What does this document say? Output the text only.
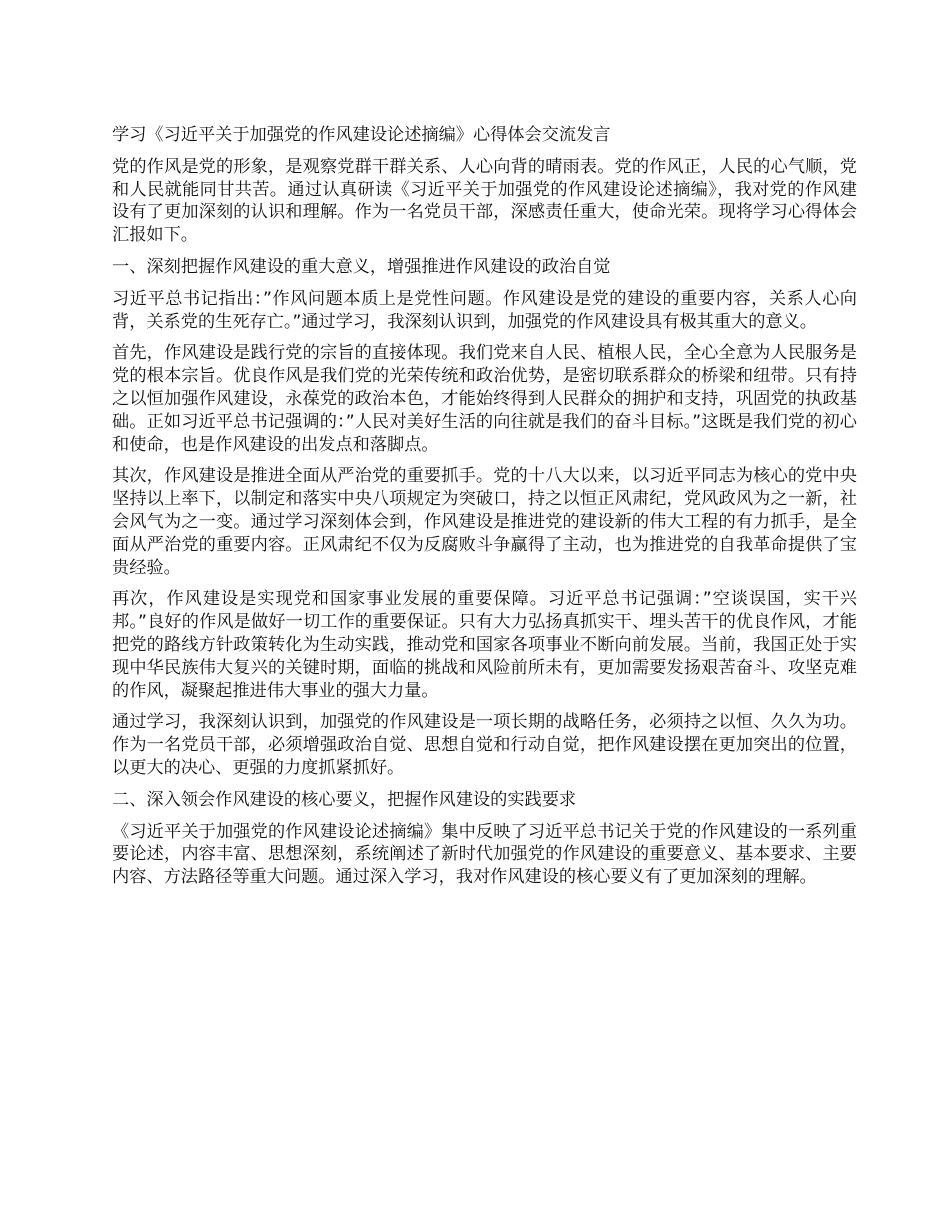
学习《习近平关于加强党的作风建设论述摘编》心得体会交流发言

党的作风是党的形象，是观察党群干群关系、人心向背的晴雨表。党的作风正，人民的心气顺，党和人民就能同甘共苦。通过认真研读《习近平关于加强党的作风建设论述摘编》，我对党的作风建设有了更加深刻的认识和理解。作为一名党员干部，深感责任重大，使命光荣。现将学习心得体会汇报如下。

一、深刻把握作风建设的重大意义，增强推进作风建设的政治自觉

习近平总书记指出：”作风问题本质上是党性问题。作风建设是党的建设的重要内容，关系人心向背，关系党的生死存亡。”通过学习，我深刻认识到，加强党的作风建设具有极其重大的意义。

首先，作风建设是践行党的宗旨的直接体现。我们党来自人民、植根人民，全心全意为人民服务是党的根本宗旨。优良作风是我们党的光荣传统和政治优势，是密切联系群众的桥梁和纽带。只有持之以恒加强作风建设，永葆党的政治本色，才能始终得到人民群众的拥护和支持，巩固党的执政基础。正如习近平总书记强调的：”人民对美好生活的向往就是我们的奋斗目标。”这既是我们党的初心和使命，也是作风建设的出发点和落脚点。

其次，作风建设是推进全面从严治党的重要抓手。党的十八大以来，以习近平同志为核心的党中央坚持以上率下，以制定和落实中央八项规定为突破口，持之以恒正风肃纪，党风政风为之一新，社会风气为之一变。通过学习深刻体会到，作风建设是推进党的建设新的伟大工程的有力抓手，是全面从严治党的重要内容。正风肃纪不仅为反腐败斗争赢得了主动，也为推进党的自我革命提供了宝贵经验。

再次，作风建设是实现党和国家事业发展的重要保障。习近平总书记强调：”空谈误国，实干兴邦。”良好的作风是做好一切工作的重要保证。只有大力弘扬真抓实干、埋头苦干的优良作风，才能把党的路线方针政策转化为生动实践，推动党和国家各项事业不断向前发展。当前，我国正处于实现中华民族伟大复兴的关键时期，面临的挑战和风险前所未有，更加需要发扬艰苦奋斗、攻坚克难的作风，凝聚起推进伟大事业的强大力量。

通过学习，我深刻认识到，加强党的作风建设是一项长期的战略任务，必须持之以恒、久久为功。作为一名党员干部，必须增强政治自觉、思想自觉和行动自觉，把作风建设摆在更加突出的位置，以更大的决心、更强的力度抓紧抓好。

二、深入领会作风建设的核心要义，把握作风建设的实践要求

《习近平关于加强党的作风建设论述摘编》集中反映了习近平总书记关于党的作风建设的一系列重要论述，内容丰富、思想深刻，系统阐述了新时代加强党的作风建设的重要意义、基本要求、主要内容、方法路径等重大问题。通过深入学习，我对作风建设的核心要义有了更加深刻的理解。
